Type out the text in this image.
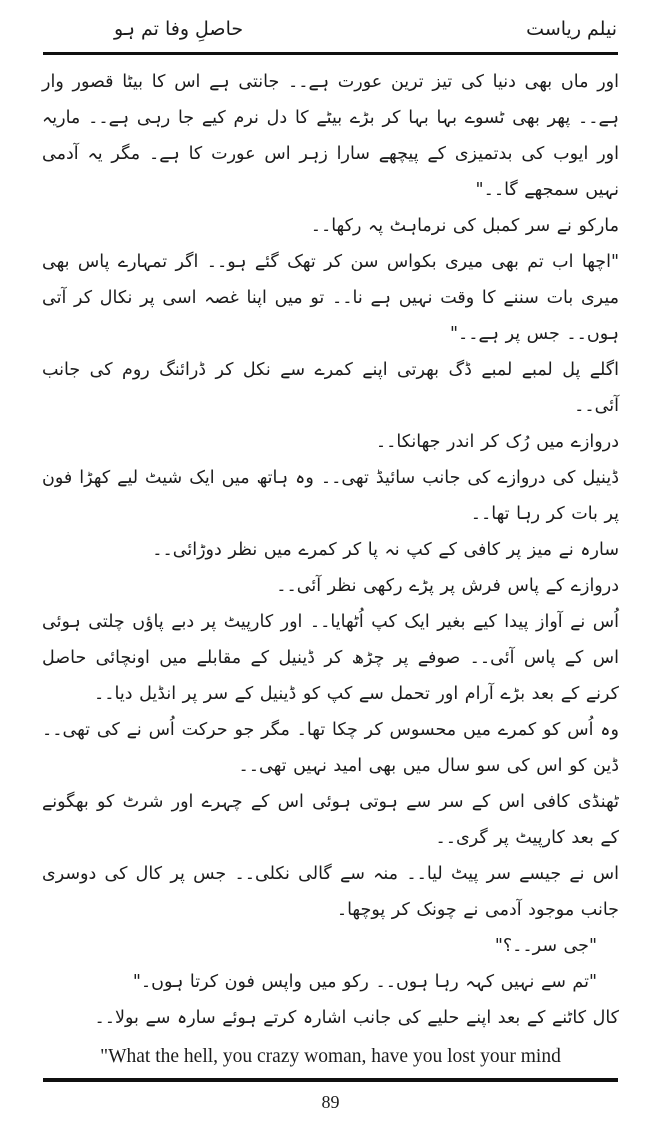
حاصلِ وفا تم ہو	نیلم ریاست

اور ماں بھی دنیا کی تیز ترین عورت ہے۔۔ جانتی ہے اس کا بیٹا قصور وار ہے۔۔ پھر بھی ٹسوے بہا بہا کر بڑے بیٹے کا دل نرم کیے جا رہی ہے۔۔ ماریہ اور ایوب کی بدتمیزی کے پیچھے سارا زہر اس عورت کا ہے۔ مگر یہ آدمی نہیں سمجھے گا۔۔"

مارکو نے سر کمبل کی نرماہٹ پہ رکھا۔۔

"اچھا اب تم بھی میری بکواس سن کر تھک گئے ہو۔۔ اگر تمہارے پاس بھی میری بات سننے کا وقت نہیں ہے نا۔۔ تو میں اپنا غصہ اسی پر نکال کر آتی ہوں۔۔ جس پر ہے۔۔"

اگلے پل لمبے لمبے ڈگ بھرتی اپنے کمرے سے نکل کر ڈرائنگ روم کی جانب آئی۔۔

دروازے میں رُک کر اندر جھانکا۔۔

ڈینیل کی دروازے کی جانب سائیڈ تھی۔۔ وہ ہاتھ میں ایک شیٹ لیے کھڑا فون پر بات کر رہا تھا۔۔

سارہ نے میز پر کافی کے کپ نہ پا کر کمرے میں نظر دوڑائی۔۔

دروازے کے پاس فرش پر پڑے رکھی نظر آئی۔۔

اُس نے آواز پیدا کیے بغیر ایک کپ اُٹھایا۔۔ اور کارپیٹ پر دبے پاؤں چلتی ہوئی اس کے پاس آئی۔۔ صوفے پر چڑھ کر ڈینیل کے مقابلے میں اونچائی حاصل کرنے کے بعد بڑے آرام اور تحمل سے کپ کو ڈینیل کے سر پر انڈیل دیا۔۔

وہ اُس کو کمرے میں محسوس کر چکا تھا۔ مگر جو حرکت اُس نے کی تھی۔۔ ڈین کو اس کی سو سال میں بھی امید نہیں تھی۔۔

ٹھنڈی کافی اس کے سر سے ہوتی ہوئی اس کے چہرے اور شرٹ کو بھگونے کے بعد کارپیٹ پر گری۔۔

اس نے جیسے سر پیٹ لیا۔۔ منہ سے گالی نکلی۔۔ جس پر کال کی دوسری جانب موجود آدمی نے چونک کر پوچھا۔

"جی سر۔۔؟"

"تم سے نہیں کہہ رہا ہوں۔۔ رکو میں واپس فون کرتا ہوں۔"

کال کاٹنے کے بعد اپنے حلیے کی جانب اشارہ کرتے ہوئے سارہ سے بولا۔۔

"What the hell, you crazy woman, have you lost your mind

89
